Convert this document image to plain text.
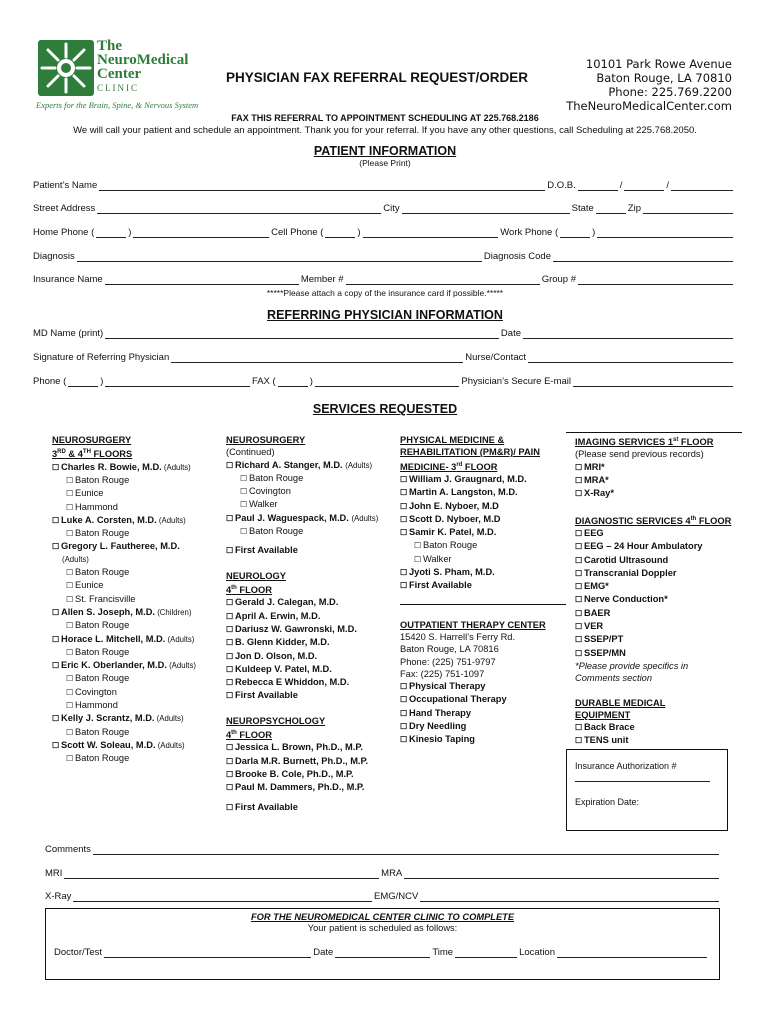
The
NeuroMedical
Center
CLINIC
Experts for the Brain, Spine, & Nervous System
PHYSICIAN FAX REFERRAL REQUEST/ORDER
10101 Park Rowe Avenue
Baton Rouge, LA 70810
Phone: 225.769.2200
TheNeuroMedicalCenter.com
FAX THIS REFERRAL TO APPOINTMENT SCHEDULING AT 225.768.2186
We will call your patient and schedule an appointment. Thank you for your referral. If you have any other questions, call Scheduling at 225.768.2050.
PATIENT INFORMATION
(Please Print)
Patient’s Name	D.O.B.	/	/
Street Address	City	State	Zip
Home Phone (	)	Cell Phone (	)	Work Phone (	)
Diagnosis	Diagnosis Code
Insurance Name	Member #	Group #
*****Please attach a copy of the insurance card if possible.*****
REFERRING PHYSICIAN INFORMATION
MD Name (print)	Date
Signature of Referring Physician	Nurse/Contact
Phone (	)	FAX (	)	Physician’s Secure E-mail
SERVICES REQUESTED
NEUROSURGERY
3RD & 4TH FLOORS
☐ Charles R. Bowie, M.D. (Adults)
☐ Baton Rouge
☐ Eunice
☐ Hammond
☐ Luke A. Corsten, M.D. (Adults)
☐ Baton Rouge
☐ Gregory L. Fautheree, M.D.
(Adults)
☐ Baton Rouge
☐ Eunice
☐ St. Francisville
☐ Allen S. Joseph, M.D. (Children)
☐ Baton Rouge
☐ Horace L. Mitchell, M.D. (Adults)
☐ Baton Rouge
☐ Eric K. Oberlander, M.D. (Adults)
☐ Baton Rouge
☐ Covington
☐ Hammond
☐ Kelly J. Scrantz, M.D. (Adults)
☐ Baton Rouge
☐ Scott W. Soleau, M.D. (Adults)
☐ Baton Rouge
NEUROSURGERY
(Continued)
☐ Richard A. Stanger, M.D. (Adults)
☐ Baton Rouge
☐ Covington
☐ Walker
☐ Paul J. Waguespack, M.D. (Adults)
☐ Baton Rouge
☐ First Available
NEUROLOGY
4th FLOOR
☐ Gerald J. Calegan, M.D.
☐ April A. Erwin, M.D.
☐ Dariusz W. Gawronski, M.D.
☐ B. Glenn Kidder, M.D.
☐ Jon D. Olson, M.D.
☐ Kuldeep V. Patel, M.D.
☐ Rebecca E Whiddon, M.D.
☐ First Available
NEUROPSYCHOLOGY
4th FLOOR
☐ Jessica L. Brown, Ph.D., M.P.
☐ Darla M.R. Burnett, Ph.D., M.P.
☐ Brooke B. Cole, Ph.D., M.P.
☐ Paul M. Dammers, Ph.D., M.P.
☐ First Available
PHYSICAL MEDICINE &
REHABILITATION (PM&R)/ PAIN
MEDICINE- 3rd FLOOR
☐ William J. Graugnard, M.D.
☐ Martin A. Langston, M.D.
☐ John E. Nyboer, M.D
☐ Scott D. Nyboer, M.D
☐ Samir K. Patel, M.D.
☐ Baton Rouge
☐ Walker
☐ Jyoti S. Pham, M.D.
☐ First Available
OUTPATIENT THERAPY CENTER
15420 S. Harrell’s Ferry Rd.
Baton Rouge, LA 70816
Phone: (225) 751-9797
Fax: (225) 751-1097
☐ Physical Therapy
☐ Occupational Therapy
☐ Hand Therapy
☐ Dry Needling
☐ Kinesio Taping
IMAGING SERVICES 1st FLOOR
(Please send previous records)
☐ MRI*
☐ MRA*
☐ X-Ray*
DIAGNOSTIC SERVICES 4th FLOOR
☐ EEG
☐ EEG – 24 Hour Ambulatory
☐ Carotid Ultrasound
☐ Transcranial Doppler
☐ EMG*
☐ Nerve Conduction*
☐ BAER
☐ VER
☐ SSEP/PT
☐ SSEP/MN
*Please provide specifics in
Comments section
DURABLE MEDICAL
EQUIPMENT
☐ Back Brace
☐ TENS unit
Insurance Authorization #
Expiration Date:
Comments
MRI	MRA
X-Ray	EMG/NCV
FOR THE NEUROMEDICAL CENTER CLINIC TO COMPLETE
Your patient is scheduled as follows:
Doctor/Test	Date	Time	Location
